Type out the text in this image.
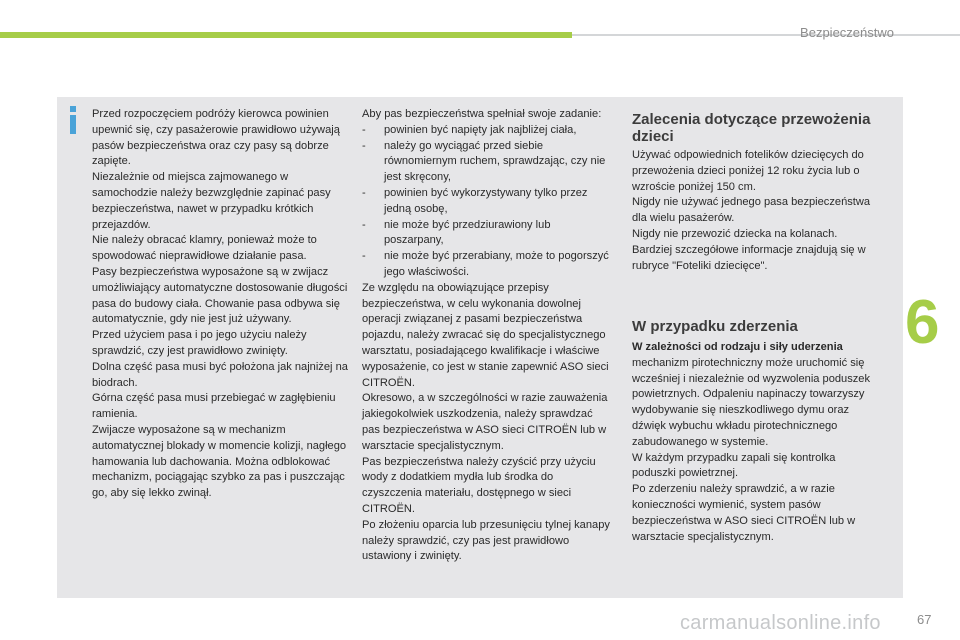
Bezpieczeństwo

Przed rozpoczęciem podróży kierowca powinien upewnić się, czy pasażerowie prawidłowo używają pasów bezpieczeństwa oraz czy pasy są dobrze zapięte.

Niezależnie od miejsca zajmowanego w samochodzie należy bezwzględnie zapinać pasy bezpieczeństwa, nawet w przypadku krótkich przejazdów.

Nie należy obracać klamry, ponieważ może to spowodować nieprawidłowe działanie pasa.

Pasy bezpieczeństwa wyposażone są w zwijacz umożliwiający automatyczne dostosowanie długości pasa do budowy ciała. Chowanie pasa odbywa się automatycznie, gdy nie jest już używany.

Przed użyciem pasa i po jego użyciu należy sprawdzić, czy jest prawidłowo zwinięty.

Dolna część pasa musi być położona jak najniżej na biodrach.

Górna część pasa musi przebiegać w zagłębieniu ramienia.

Zwijacze wyposażone są w mechanizm automatycznej blokady w momencie kolizji, nagłego hamowania lub dachowania. Można odblokować mechanizm, pociągając szybko za pas i puszczając go, aby się lekko zwinął.

Aby pas bezpieczeństwa spełniał swoje zadanie:

-	powinien być napięty jak najbliżej ciała,
-	należy go wyciągać przed siebie równomiernym ruchem, sprawdzając, czy nie jest skręcony,
-	powinien być wykorzystywany tylko przez jedną osobę,
-	nie może być przedziurawiony lub poszarpany,
-	nie może być przerabiany, może to pogorszyć jego właściwości.

Ze względu na obowiązujące przepisy bezpieczeństwa, w celu wykonania dowolnej operacji związanej z pasami bezpieczeństwa pojazdu, należy zwracać się do specjalistycznego warsztatu, posiadającego kwalifikacje i właściwe wyposażenie, co jest w stanie zapewnić ASO sieci CITROËN.

Okresowo, a w szczególności w razie zauważenia jakiegokolwiek uszkodzenia, należy sprawdzać pas bezpieczeństwa w ASO sieci CITROËN lub w warsztacie specjalistycznym.

Pas bezpieczeństwa należy czyścić przy użyciu wody z dodatkiem mydła lub środka do czyszczenia materiału, dostępnego w sieci CITROËN.

Po złożeniu oparcia lub przesunięciu tylnej kanapy należy sprawdzić, czy pas jest prawidłowo ustawiony i zwinięty.

Zalecenia dotyczące przewożenia dzieci

Używać odpowiednich fotelików dziecięcych do przewożenia dzieci poniżej 12 roku życia lub o wzroście poniżej 150 cm.

Nigdy nie używać jednego pasa bezpieczeństwa dla wielu pasażerów.

Nigdy nie przewozić dziecka na kolanach.

Bardziej szczegółowe informacje znajdują się w rubryce "Foteliki dziecięce".

W przypadku zderzenia

W zależności od rodzaju i siły uderzenia mechanizm pirotechniczny może uruchomić się wcześniej i niezależnie od wyzwolenia poduszek powietrznych. Odpaleniu napinaczy towarzyszy wydobywanie się nieszkodliwego dymu oraz dźwięk wybuchu wkładu pirotechnicznego zabudowanego w systemie.

W każdym przypadku zapali się kontrolka poduszki powietrznej.

Po zderzeniu należy sprawdzić, a w razie konieczności wymienić, system pasów bezpieczeństwa w ASO sieci CITROËN lub w warsztacie specjalistycznym.

6
carmanualsonline.info	67
